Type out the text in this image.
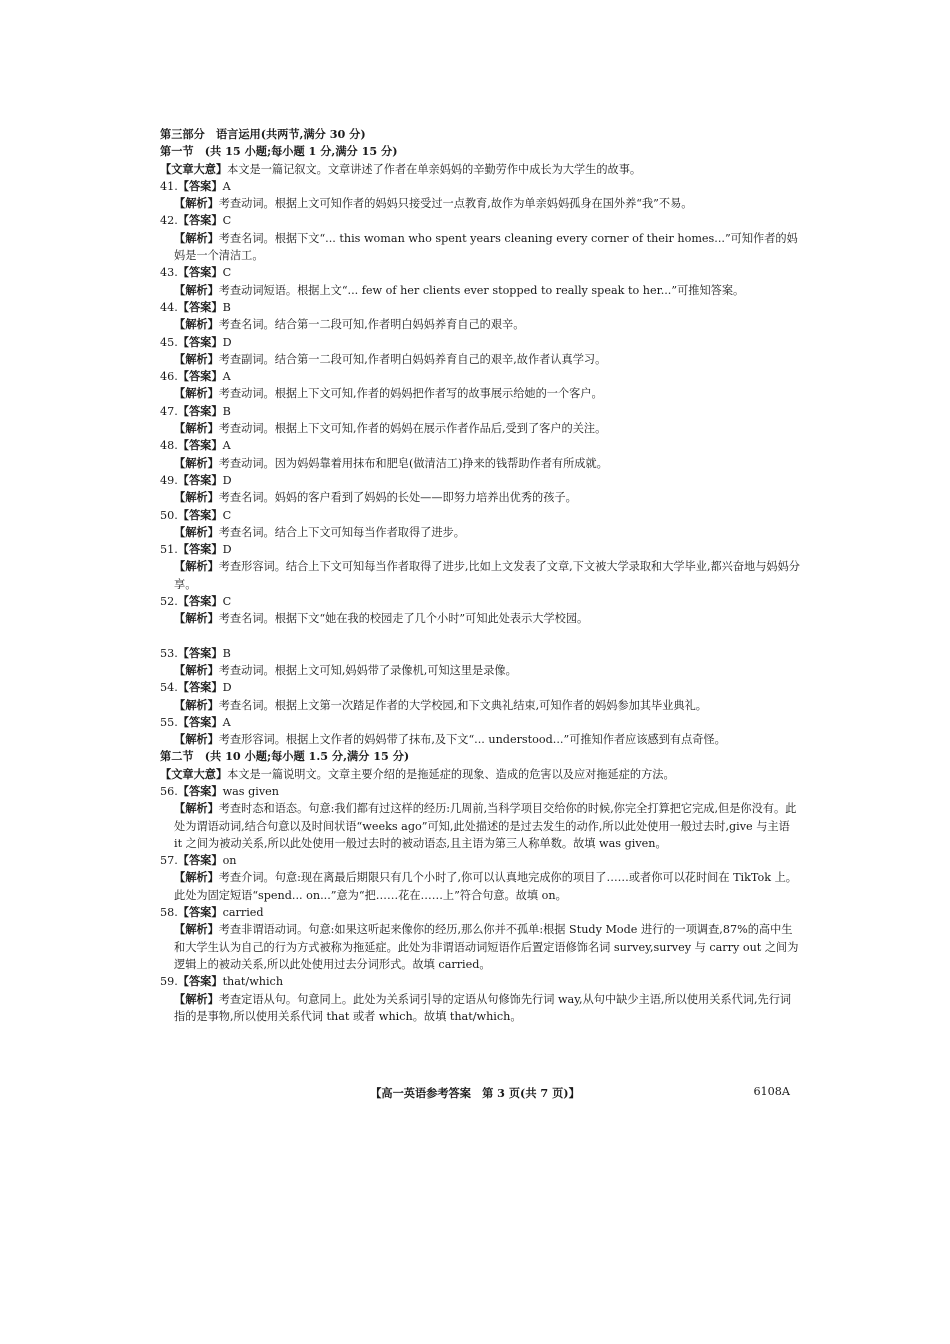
第三部分　语言运用(共两节,满分 30 分)
第一节　(共 15 小题;每小题 1 分,满分 15 分)
【文章大意】本文是一篇记叙文。文章讲述了作者在单亲妈妈的辛勤劳作中成长为大学生的故事。
41.【答案】A
【解析】考查动词。根据上文可知作者的妈妈只接受过一点教育,故作为单亲妈妈孤身在国外养“我”不易。
42.【答案】C
【解析】考查名词。根据下文“... this woman who spent years cleaning every corner of their homes...”可知作者的妈妈是一个清洁工。
43.【答案】C
【解析】考查动词短语。根据上文“... few of her clients ever stopped to really speak to her...”可推知答案。
44.【答案】B
【解析】考查名词。结合第一二段可知,作者明白妈妈养育自己的艰辛。
45.【答案】D
【解析】考查副词。结合第一二段可知,作者明白妈妈养育自己的艰辛,故作者认真学习。
46.【答案】A
【解析】考查动词。根据上下文可知,作者的妈妈把作者写的故事展示给她的一个客户。
47.【答案】B
【解析】考查动词。根据上下文可知,作者的妈妈在展示作者作品后,受到了客户的关注。
48.【答案】A
【解析】考查动词。因为妈妈靠着用抹布和肥皂(做清洁工)挣来的钱帮助作者有所成就。
49.【答案】D
【解析】考查名词。妈妈的客户看到了妈妈的长处——即努力培养出优秀的孩子。
50.【答案】C
【解析】考查名词。结合上下文可知每当作者取得了进步。
51.【答案】D
【解析】考查形容词。结合上下文可知每当作者取得了进步,比如上文发表了文章,下文被大学录取和大学毕业,都兴奋地与妈妈分享。
52.【答案】C
【解析】考查名词。根据下文“她在我的校园走了几个小时”可知此处表示大学校园。
53.【答案】B
【解析】考查动词。根据上文可知,妈妈带了录像机,可知这里是录像。
54.【答案】D
【解析】考查名词。根据上文第一次踏足作者的大学校园,和下文典礼结束,可知作者的妈妈参加其毕业典礼。
55.【答案】A
【解析】考查形容词。根据上文作者的妈妈带了抹布,及下文“... understood...”可推知作者应该感到有点奇怪。
第二节　(共 10 小题;每小题 1.5 分,满分 15 分)
【文章大意】本文是一篇说明文。文章主要介绍的是拖延症的现象、造成的危害以及应对拖延症的方法。
56.【答案】was given
【解析】考查时态和语态。句意:我们都有过这样的经历:几周前,当科学项目交给你的时候,你完全打算把它完成,但是你没有。此处为谓语动词,结合句意以及时间状语“weeks ago”可知,此处描述的是过去发生的动作,所以此处使用一般过去时,give 与主语 it 之间为被动关系,所以此处使用一般过去时的被动语态,且主语为第三人称单数。故填 was given。
57.【答案】on
【解析】考查介词。句意:现在离最后期限只有几个小时了,你可以认真地完成你的项目了……或者你可以花时间在 TikTok 上。此处为固定短语“spend... on...”意为“把……花在……上”符合句意。故填 on。
58.【答案】carried
【解析】考查非谓语动词。句意:如果这听起来像你的经历,那么你并不孤单:根据 Study Mode 进行的一项调查,87%的高中生和大学生认为自己的行为方式被称为拖延症。此处为非谓语动词短语作后置定语修饰名词 survey,survey 与 carry out 之间为逻辑上的被动关系,所以此处使用过去分词形式。故填 carried。
59.【答案】that/which
【解析】考查定语从句。句意同上。此处为关系词引导的定语从句修饰先行词 way,从句中缺少主语,所以使用关系代词,先行词指的是事物,所以使用关系代词 that 或者 which。故填 that/which。
【高一英语参考答案　第 3 页(共 7 页)】	6108A
